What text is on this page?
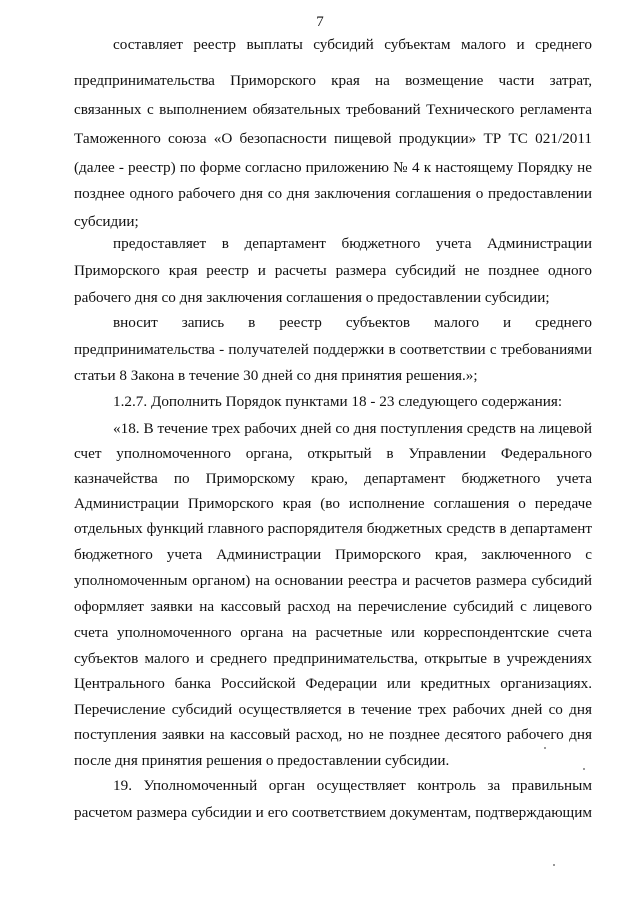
7
составляет реестр выплаты субсидий субъектам малого и среднего
предпринимательства Приморского края на возмещение части затрат,
связанных с выполнением обязательных требований Технического регламента
Таможенного союза «О безопасности пищевой продукции» ТР ТС 021/2011
(далее - реестр) по форме согласно приложению № 4 к настоящему Порядку не
позднее одного рабочего дня со дня заключения соглашения о предоставлении
субсидии;
предоставляет в департамент бюджетного учета Администрации
Приморского края реестр и расчеты размера субсидий не позднее одного
рабочего дня со дня заключения соглашения о предоставлении субсидии;
вносит запись в реестр субъектов малого и среднего
предпринимательства - получателей поддержки в соответствии с требованиями
статьи 8 Закона в течение 30 дней со дня принятия решения.»;
1.2.7. Дополнить Порядок пунктами 18 - 23 следующего содержания:
«18. В течение трех рабочих дней со дня поступления средств на лицевой
счет уполномоченного органа, открытый в Управлении Федерального
казначейства по Приморскому краю, департамент бюджетного учета
Администрации Приморского края (во исполнение соглашения о передаче
отдельных функций главного распорядителя бюджетных средств в департамент
бюджетного учета Администрации Приморского края, заключенного с
уполномоченным органом) на основании реестра и расчетов размера субсидий
оформляет заявки на кассовый расход на перечисление субсидий с лицевого
счета уполномоченного органа на расчетные или корреспондентские счета
субъектов малого и среднего предпринимательства, открытые в учреждениях
Центрального банка Российской Федерации или кредитных организациях.
Перечисление субсидий осуществляется в течение трех рабочих дней со дня
поступления заявки на кассовый расход, но не позднее десятого рабочего дня
после дня принятия решения о предоставлении субсидии.
19. Уполномоченный орган осуществляет контроль за правильным
расчетом размера субсидии и его соответствием документам, подтверждающим
